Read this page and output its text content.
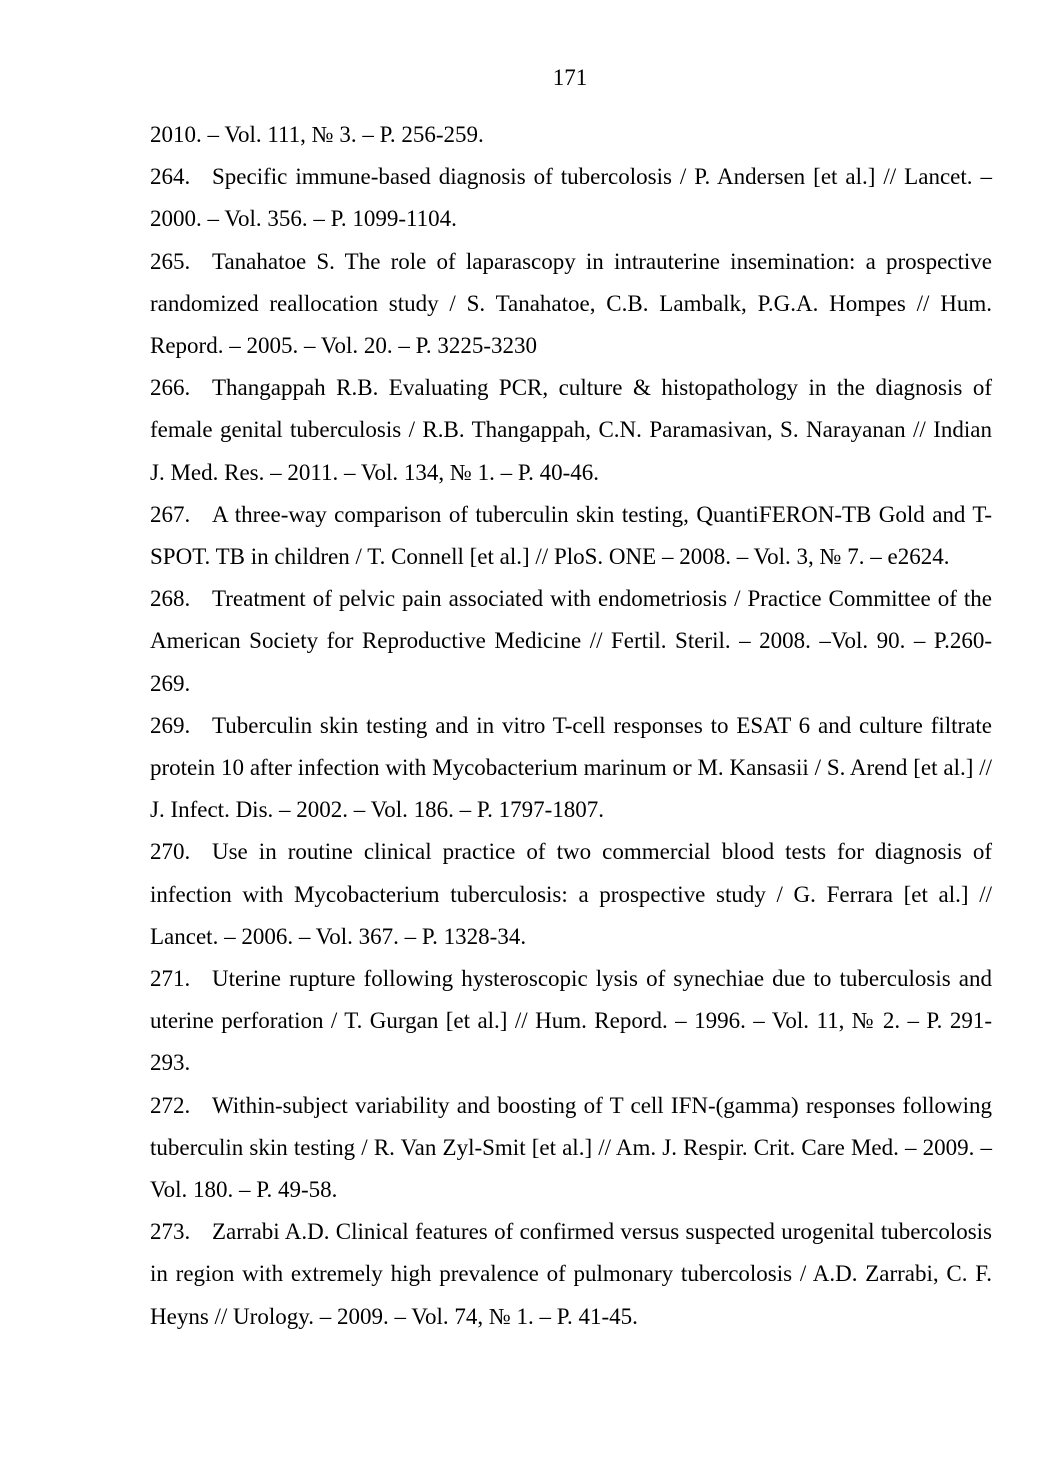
171

2010. – Vol. 111, № 3. – P. 256-259.

264. Specific immune-based diagnosis of tubercolosis / P. Andersen [et al.] // Lancet. – 2000. – Vol. 356. – P. 1099-1104.

265. Tanahatoe S. The role of laparascopy in intrauterine insemination: a prospective randomized reallocation study / S. Tanahatoe, C.B. Lambalk, P.G.A. Hompes // Hum. Repord. – 2005. – Vol. 20. – P. 3225-3230

266. Thangappah R.B. Evaluating PCR, culture & histopathology in the diagnosis of female genital tuberculosis / R.B. Thangappah, C.N. Paramasivan, S. Narayanan // Indian J. Med. Res. – 2011. – Vol. 134, № 1. – P. 40-46.

267. A three-way comparison of tuberculin skin testing, QuantiFERON-TB Gold and T-SPOT. TB in children / T. Connell [et al.] // PloS. ONE – 2008. – Vol. 3, № 7. – e2624.

268. Treatment of pelvic pain associated with endometriosis / Practice Committee of the American Society for Reproductive Medicine // Fertil. Steril. – 2008. –Vol. 90. – P.260-269.

269. Tuberculin skin testing and in vitro T-cell responses to ESAT 6 and culture filtrate protein 10 after infection with Mycobacterium marinum or M. Kansasii / S. Arend [et al.] // J. Infect. Dis. – 2002. – Vol. 186. – P. 1797-1807.

270. Use in routine clinical practice of two commercial blood tests for diagnosis of infection with Mycobacterium tuberculosis: a prospective study / G. Ferrara [et al.] // Lancet. – 2006. – Vol. 367. – P. 1328-34.

271. Uterine rupture following hysteroscopic lysis of synechiae due to tuberculosis and uterine perforation / T. Gurgan [et al.] // Hum. Repord. – 1996. – Vol. 11, № 2. – P. 291-293.

272. Within-subject variability and boosting of T cell IFN-(gamma) responses following tuberculin skin testing / R. Van Zyl-Smit [et al.] // Am. J. Respir. Crit. Care Med. – 2009. – Vol. 180. – P. 49-58.

273. Zarrabi A.D. Clinical features of confirmed versus suspected urogenital tubercolosis in region with extremely high prevalence of pulmonary tubercolosis / A.D. Zarrabi, C. F. Heyns // Urology. – 2009. – Vol. 74, № 1. – P. 41-45.
